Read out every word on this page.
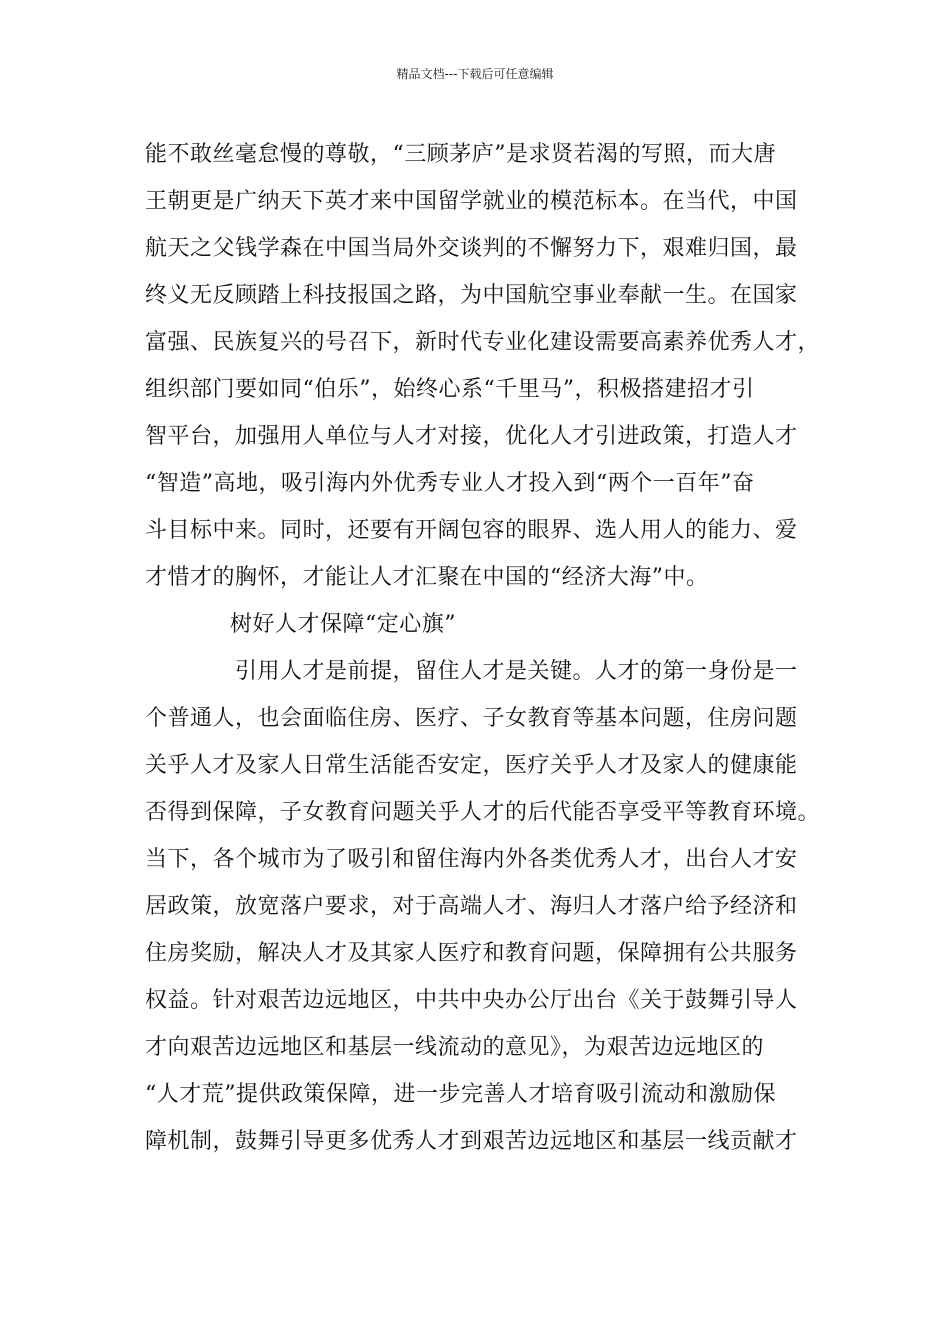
精品文档---下载后可任意编辑
能不敢丝毫怠慢的尊敬，“三顾茅庐”是求贤若渴的写照，而大唐
王朝更是广纳天下英才来中国留学就业的模范标本。在当代，中国
航天之父钱学森在中国当局外交谈判的不懈努力下，艰难归国，最
终义无反顾踏上科技报国之路，为中国航空事业奉献一生。在国家
富强、民族复兴的号召下，新时代专业化建设需要高素养优秀人才，
组织部门要如同“伯乐”，始终心系“千里马”，积极搭建招才引
智平台，加强用人单位与人才对接，优化人才引进政策，打造人才
“智造”高地，吸引海内外优秀专业人才投入到“两个一百年”奋
斗目标中来。同时，还要有开阔包容的眼界、选人用人的能力、爱
才惜才的胸怀，才能让人才汇聚在中国的“经济大海”中。
树好人才保障“定心旗”
引用人才是前提，留住人才是关键。人才的第一身份是一
个普通人，也会面临住房、医疗、子女教育等基本问题，住房问题
关乎人才及家人日常生活能否安定，医疗关乎人才及家人的健康能
否得到保障，子女教育问题关乎人才的后代能否享受平等教育环境。
当下，各个城市为了吸引和留住海内外各类优秀人才，出台人才安
居政策，放宽落户要求，对于高端人才、海归人才落户给予经济和
住房奖励，解决人才及其家人医疗和教育问题，保障拥有公共服务
权益。针对艰苦边远地区，中共中央办公厅出台《关于鼓舞引导人
才向艰苦边远地区和基层一线流动的意见》，为艰苦边远地区的
“人才荒”提供政策保障，进一步完善人才培育吸引流动和激励保
障机制，鼓舞引导更多优秀人才到艰苦边远地区和基层一线贡献才
